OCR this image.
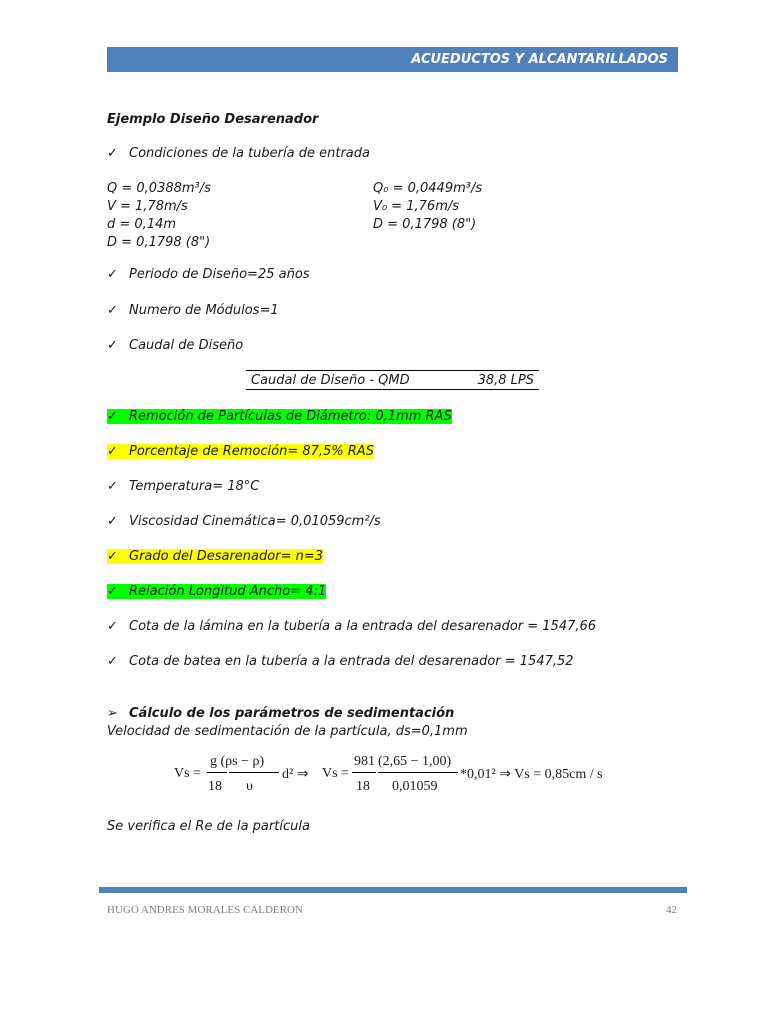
ACUEDUCTOS Y ALCANTARILLADOS
Ejemplo Diseño Desarenador
✓ Condiciones de la tubería de entrada
Q = 0,0388m³/s
V = 1,78m/s
d = 0,14m
D = 0,1798 (8")
Q₀ = 0,0449m³/s
V₀ = 1,76m/s
D = 0,1798 (8")
✓ Periodo de Diseño=25 años
✓ Numero de Módulos=1
✓ Caudal de Diseño
Caudal de Diseño - QMD	38,8 LPS
✓ Remoción de Partículas de Diámetro: 0,1mm RAS
✓ Porcentaje de Remoción= 87,5% RAS
✓ Temperatura= 18°C
✓ Viscosidad Cinemática= 0,01059cm²/s
✓ Grado del Desarenador= n=3
✓ Relación Longitud Ancho= 4:1
✓ Cota de la lámina en la tubería a la entrada del desarenador = 1547,66
✓ Cota de batea en la tubería a la entrada del desarenador = 1547,52
➢ Cálculo de los parámetros de sedimentación
Velocidad de sedimentación de la partícula, ds=0,1mm
Vs =
g (ρs − ρ)
18 υ
d² ⇒ Vs =
981 (2,65 − 1,00)
18 0,01059
*0,01² ⇒ Vs = 0,85cm / s
Se verifica el Re de la partícula
HUGO ANDRES MORALES CALDERON	42
